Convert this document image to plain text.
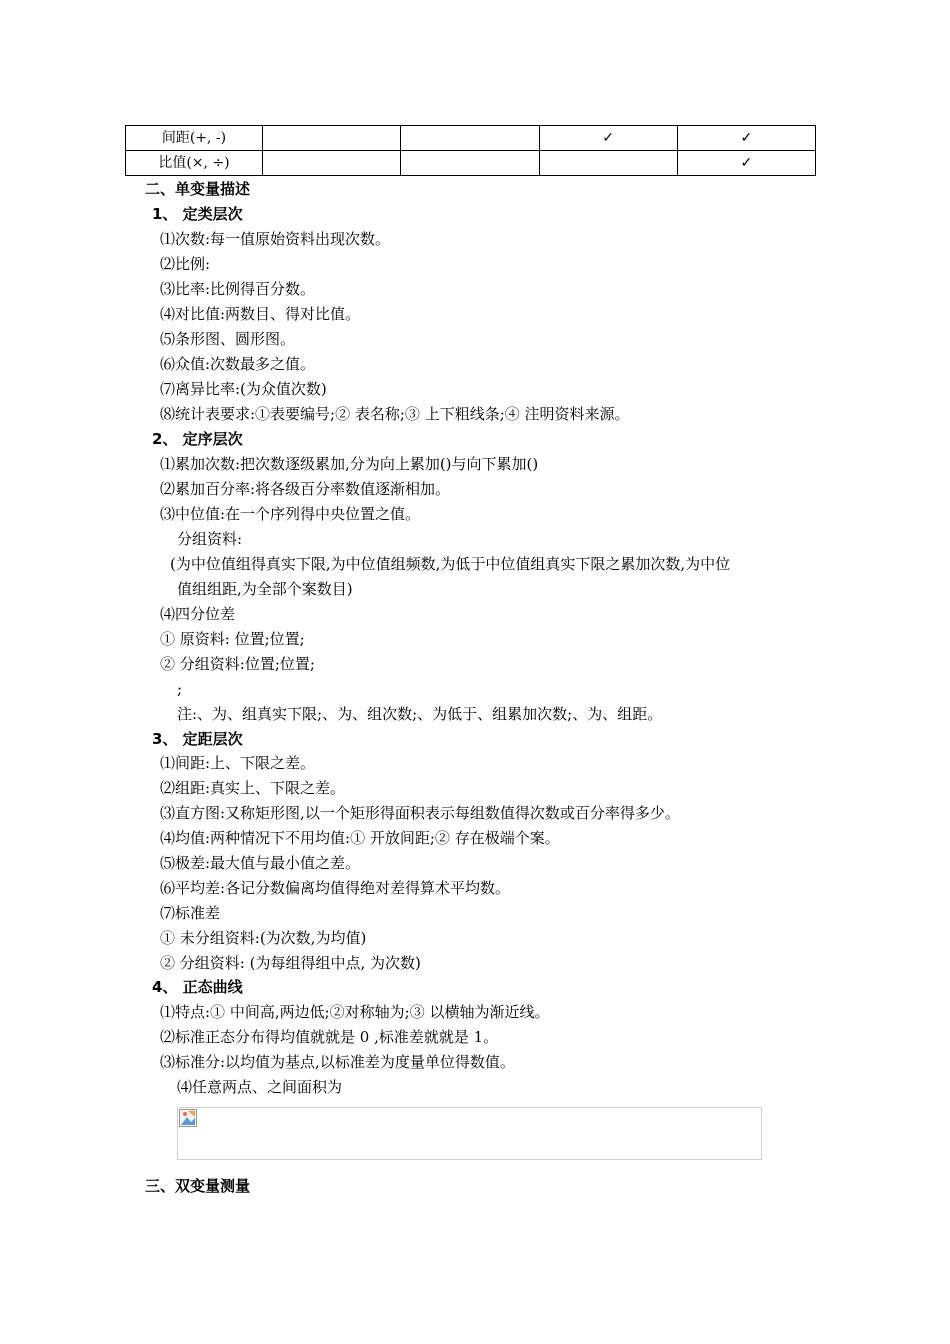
间距(+, -)			✓	✓
比值(×, ÷)				✓
二、单变量描述
1、 定类层次
⑴次数:每一值原始资料出现次数。
⑵比例:
⑶比率:比例得百分数。
⑷对比值:两数目、得对比值。
⑸条形图、圆形图。
⑹众值:次数最多之值。
⑺离异比率:(为众值次数)
⑻统计表要求:①表要编号;② 表名称;③ 上下粗线条;④ 注明资料来源。
2、 定序层次
⑴累加次数:把次数逐级累加,分为向上累加()与向下累加()
⑵累加百分率:将各级百分率数值逐渐相加。
⑶中位值:在一个序列得中央位置之值。
分组资料:
(为中位值组得真实下限,为中位值组频数,为低于中位值组真实下限之累加次数,为中位
值组组距,为全部个案数目)
⑷四分位差
① 原资料: 位置;位置;
② 分组资料:位置;位置;
;
注:、为、组真实下限;、为、组次数;、为低于、组累加次数;、为、组距。
3、 定距层次
⑴间距:上、下限之差。
⑵组距:真实上、下限之差。
⑶直方图:又称矩形图,以一个矩形得面积表示每组数值得次数或百分率得多少。
⑷均值:两种情况下不用均值:① 开放间距;② 存在极端个案。
⑸极差:最大值与最小值之差。
⑹平均差:各记分数偏离均值得绝对差得算术平均数。
⑺标准差
① 未分组资料:(为次数,为均值)
② 分组资料: (为每组得组中点, 为次数)
4、 正态曲线
⑴特点:① 中间高,两边低;②对称轴为;③ 以横轴为渐近线。
⑵标准正态分布得均值就就是 0 ,标准差就就是 1。
⑶标准分:以均值为基点,以标准差为度量单位得数值。
⑷任意两点、之间面积为
三、双变量测量
